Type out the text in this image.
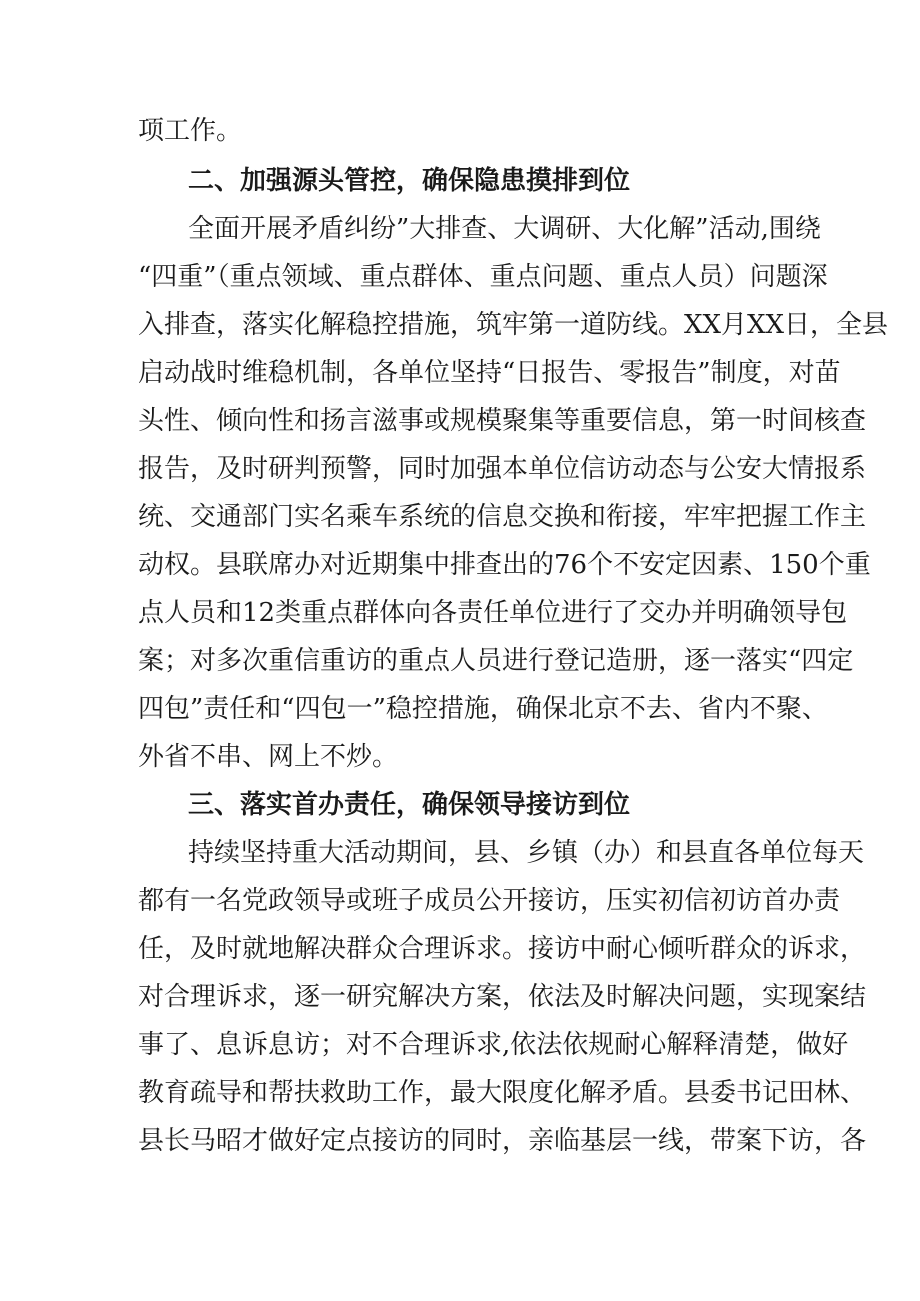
项工作。
二、加强源头管控，确保隐患摸排到位
全面开展矛盾纠纷”大排查、大调研、大化解”活动,围绕
“四重”（重点领域、重点群体、重点问题、重点人员）问题深
入排查，落实化解稳控措施，筑牢第一道防线。XX月XX日，全县
启动战时维稳机制，各单位坚持“日报告、零报告”制度，对苗
头性、倾向性和扬言滋事或规模聚集等重要信息，第一时间核查
报告，及时研判预警，同时加强本单位信访动态与公安大情报系
统、交通部门实名乘车系统的信息交换和衔接，牢牢把握工作主
动权。县联席办对近期集中排查出的76个不安定因素、150个重
点人员和12类重点群体向各责任单位进行了交办并明确领导包
案；对多次重信重访的重点人员进行登记造册，逐一落实“四定
四包”责任和“四包一”稳控措施，确保北京不去、省内不聚、
外省不串、网上不炒。
三、落实首办责任，确保领导接访到位
持续坚持重大活动期间，县、乡镇（办）和县直各单位每天
都有一名党政领导或班子成员公开接访，压实初信初访首办责
任，及时就地解决群众合理诉求。接访中耐心倾听群众的诉求，
对合理诉求，逐一研究解决方案，依法及时解决问题，实现案结
事了、息诉息访；对不合理诉求,依法依规耐心解释清楚，做好
教育疏导和帮扶救助工作，最大限度化解矛盾。县委书记田林、
县长马昭才做好定点接访的同时，亲临基层一线，带案下访，各
